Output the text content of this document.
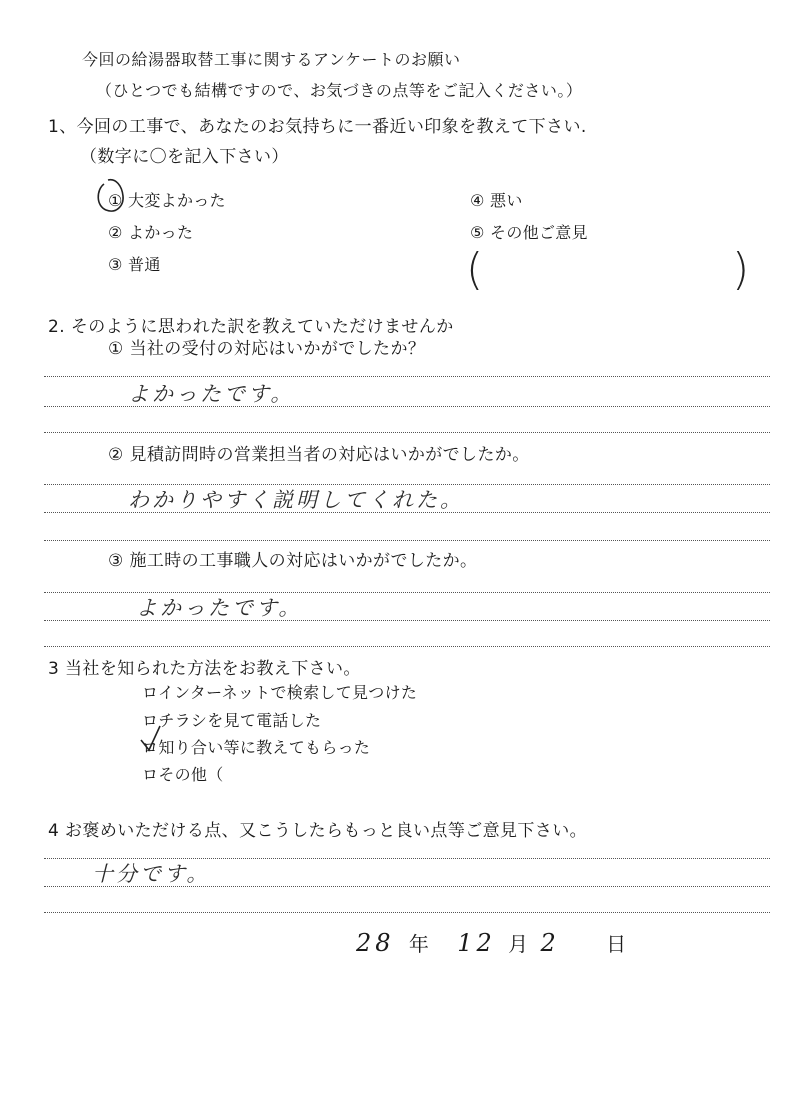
今回の給湯器取替工事に関するアンケートのお願い
（ひとつでも結構ですので、お気づきの点等をご記入ください。）
1、今回の工事で、あなたのお気持ちに一番近い印象を教えて下さい.
（数字に〇を記入下さい）
① 大変よかった
② よかった
③ 普通
④ 悪い
⑤ その他ご意見
(	)
2. そのように思われた訳を教えていただけませんか
① 当社の受付の対応はいかがでしたか？
よかったです。
② 見積訪問時の営業担当者の対応はいかがでしたか。
わかりやすく説明してくれた。
③ 施工時の工事職人の対応はいかがでしたか。
よかったです。
3 当社を知られた方法をお教え下さい。
ロインターネットで検索して見つけた
ロチラシを見て電話した
ロ知り合い等に教えてもらった
ロその他（
4 お褒めいただける点、又こうしたらもっと良い点等ご意見下さい。
十分です。
28 年 12 月 2	日
